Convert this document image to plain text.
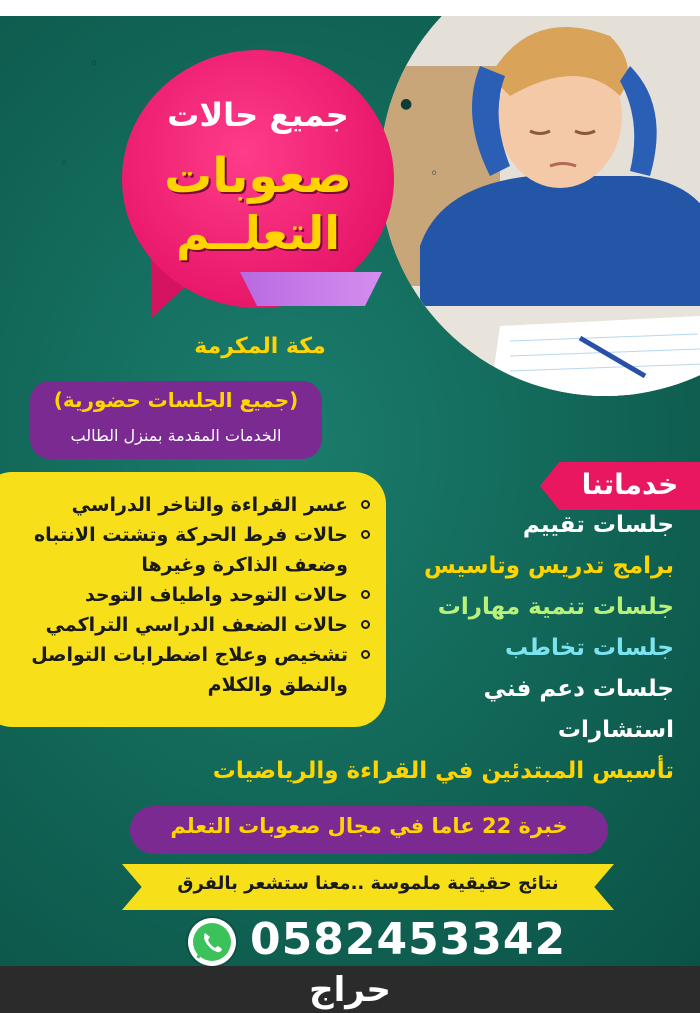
●
◦
◦
◦
جميع حالات
صعوبات
التعلــم
مكة المكرمة
(جميع الجلسات حضورية)
الخدمات المقدمة بمنزل الطالب
عسر القراءة والتاخر الدراسي
حالات فرط الحركة وتشتت الانتباه وضعف الذاكرة وغيرها
حالات التوحد واطياف التوحد
حالات الضعف الدراسي التراكمي
تشخيص وعلاج اضطرابات التواصل والنطق والكلام
خدماتنا
جلسات تقييم
برامج تدريس وتاسيس
جلسات تنمية مهارات
جلسات تخاطب
جلسات دعم فني
استشارات
تأسيس المبتدئين في القراءة والرياضيات
خبرة 22 عاما في مجال صعوبات التعلم
نتائج حقيقية ملموسة ..معنا ستشعر بالفرق
0582453342
حراج
